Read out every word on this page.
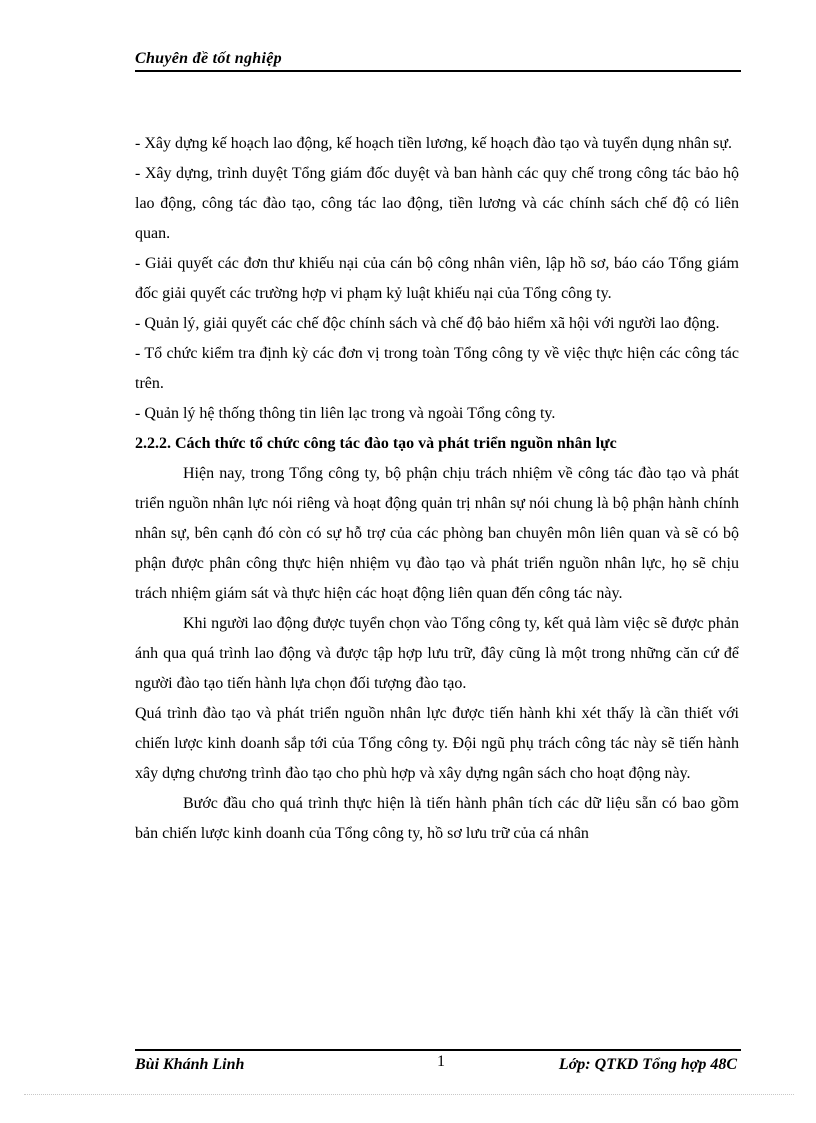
Chuyên đề tốt nghiệp

- Xây dựng kế hoạch lao động, kế hoạch tiền lương, kế hoạch đào tạo và tuyển dụng nhân sự.

- Xây dựng, trình duyệt Tổng giám đốc duyệt và ban hành các quy chế trong công tác bảo hộ lao động, công tác đào tạo, công tác lao động, tiền lương và các chính sách chế độ có liên quan.

- Giải quyết các đơn thư khiếu nại của cán bộ công nhân viên, lập hồ sơ, báo cáo Tổng giám đốc giải quyết các trường hợp vi phạm kỷ luật khiếu nại của Tổng công ty.

- Quản lý, giải quyết các chế độc chính sách và chế độ bảo hiểm xã hội với người lao động.

- Tổ chức kiểm tra định kỳ các đơn vị trong toàn Tổng công ty về việc thực hiện các công tác trên.

- Quản lý hệ thống thông tin liên lạc trong và ngoài Tổng công ty.

2.2.2. Cách thức tổ chức công tác đào tạo và phát triển nguồn nhân lực

Hiện nay, trong Tổng công ty, bộ phận chịu trách nhiệm về công tác đào tạo và phát triển nguồn nhân lực nói riêng và hoạt động quản trị nhân sự nói chung là bộ phận hành chính nhân sự, bên cạnh đó còn có sự hỗ trợ của các phòng ban chuyên môn liên quan và sẽ có bộ phận được phân công thực hiện nhiệm vụ đào tạo và phát triển nguồn nhân lực, họ sẽ chịu trách nhiệm giám sát và thực hiện các hoạt động liên quan đến công tác này.

Khi người lao động được tuyển chọn vào Tổng công ty, kết quả làm việc sẽ được phản ánh qua quá trình lao động và được tập hợp lưu trữ, đây cũng là một trong những căn cứ để người đào tạo tiến hành lựa chọn đối tượng đào tạo.

Quá trình đào tạo và phát triển nguồn nhân lực được tiến hành khi xét thấy là cần thiết với chiến lược kinh doanh sắp tới của Tổng công ty. Đội ngũ phụ trách công tác này sẽ tiến hành xây dựng chương trình đào tạo cho phù hợp và xây dựng ngân sách cho hoạt động này.

Bước đầu cho quá trình thực hiện là tiến hành phân tích các dữ liệu sẵn có bao gồm bản chiến lược kinh doanh của Tổng công ty, hồ sơ lưu trữ của cá nhân

Bùi Khánh Linh	1	Lớp: QTKD Tổng hợp 48C
